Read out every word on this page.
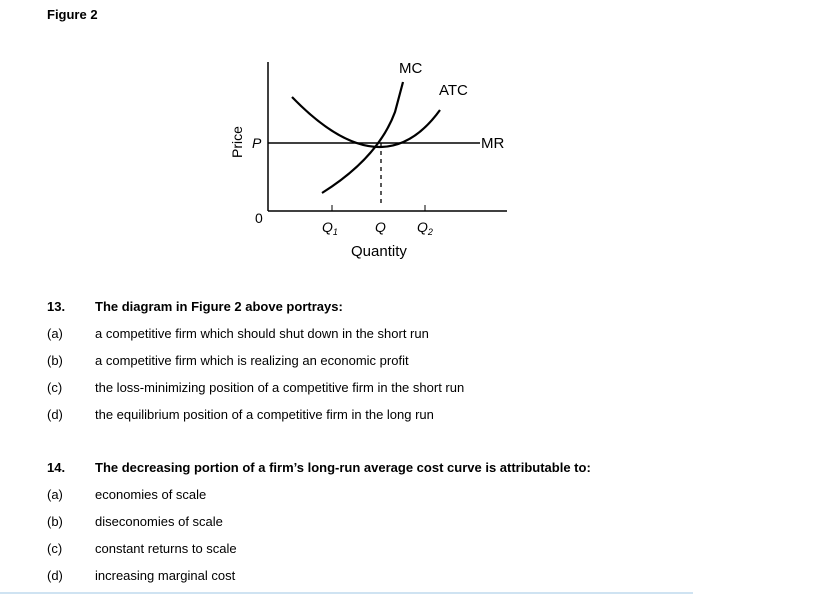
Figure 2
Price P
0
MC
ATC
MR
$Q_1$	Q $Q_2$
Quantity
13. The diagram in Figure 2 above portrays:
(a) a competitive firm which should shut down in the short run
(b) a competitive firm which is realizing an economic profit
(c)	the loss-minimizing position of a competitive firm in the short run
(d) the equilibrium position of a competitive firm in the long run
14. The decreasing portion of a firm’s long-run average cost curve is attributable to:
(a) economies of scale
(b) diseconomies of scale
(c)	constant returns to scale
(d) increasing marginal cost
